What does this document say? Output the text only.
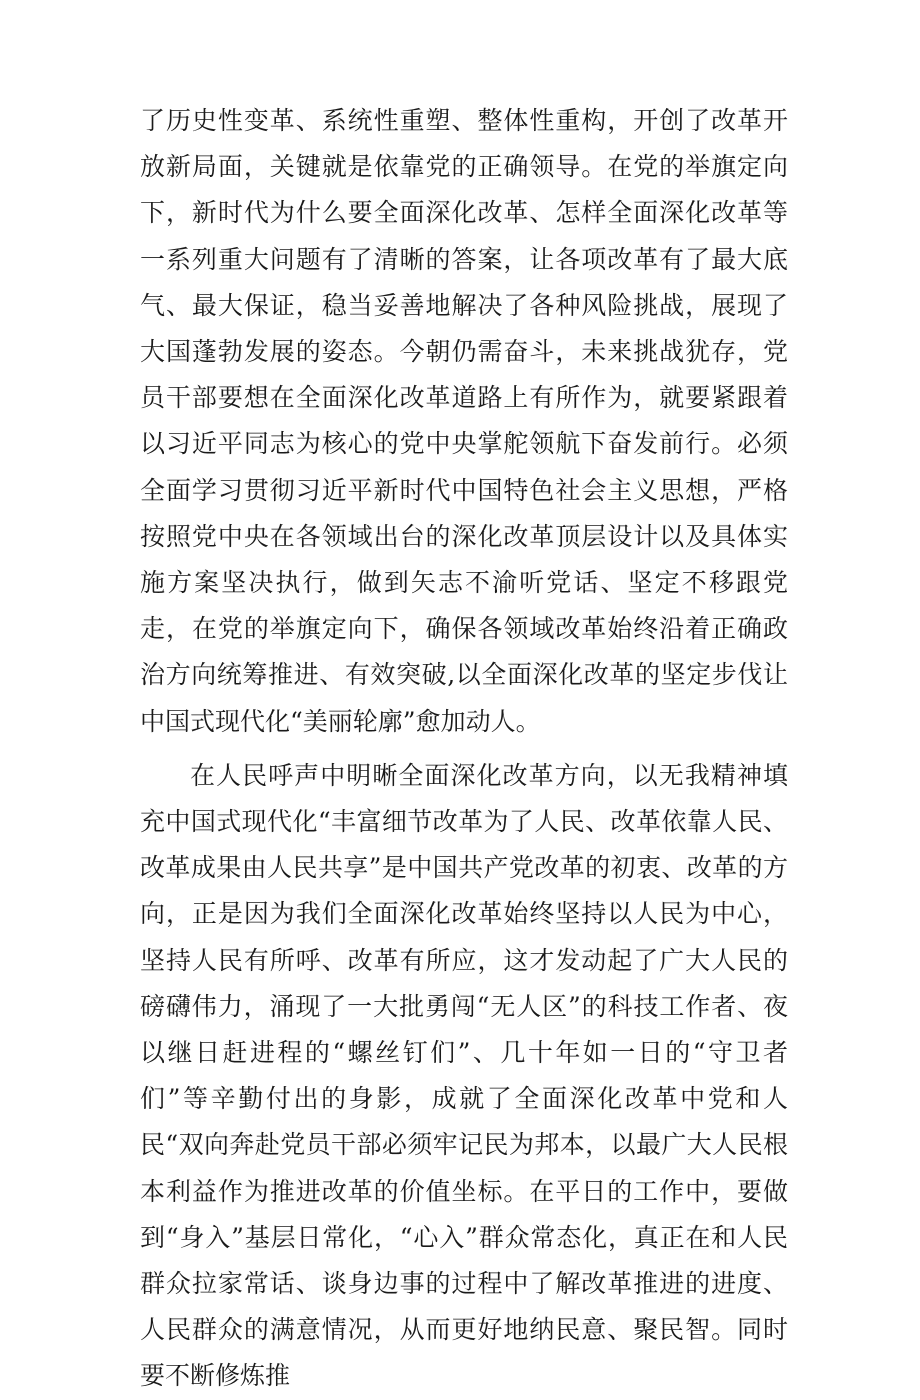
了历史性变革、系统性重塑、整体性重构，开创了改革开放新局面，关键就是依靠党的正确领导。在党的举旗定向下，新时代为什么要全面深化改革、怎样全面深化改革等一系列重大问题有了清晰的答案，让各项改革有了最大底气、最大保证，稳当妥善地解决了各种风险挑战，展现了大国蓬勃发展的姿态。今朝仍需奋斗，未来挑战犹存，党员干部要想在全面深化改革道路上有所作为，就要紧跟着以习近平同志为核心的党中央掌舵领航下奋发前行。必须全面学习贯彻习近平新时代中国特色社会主义思想，严格按照党中央在各领域出台的深化改革顶层设计以及具体实施方案坚决执行，做到矢志不渝听党话、坚定不移跟党走，在党的举旗定向下，确保各领域改革始终沿着正确政治方向统筹推进、有效突破,以全面深化改革的坚定步伐让中国式现代化“美丽轮廓”愈加动人。

在人民呼声中明晰全面深化改革方向，以无我精神填充中国式现代化“丰富细节改革为了人民、改革依靠人民、改革成果由人民共享”是中国共产党改革的初衷、改革的方向，正是因为我们全面深化改革始终坚持以人民为中心，坚持人民有所呼、改革有所应，这才发动起了广大人民的磅礴伟力，涌现了一大批勇闯“无人区”的科技工作者、夜以继日赶进程的“螺丝钉们”、几十年如一日的“守卫者们”等辛勤付出的身影，成就了全面深化改革中党和人民“双向奔赴党员干部必须牢记民为邦本，以最广大人民根本利益作为推进改革的价值坐标。在平日的工作中，要做到“身入”基层日常化，“心入”群众常态化，真正在和人民群众拉家常话、谈身边事的过程中了解改革推进的进度、人民群众的满意情况，从而更好地纳民意、聚民智。同时要不断修炼推
